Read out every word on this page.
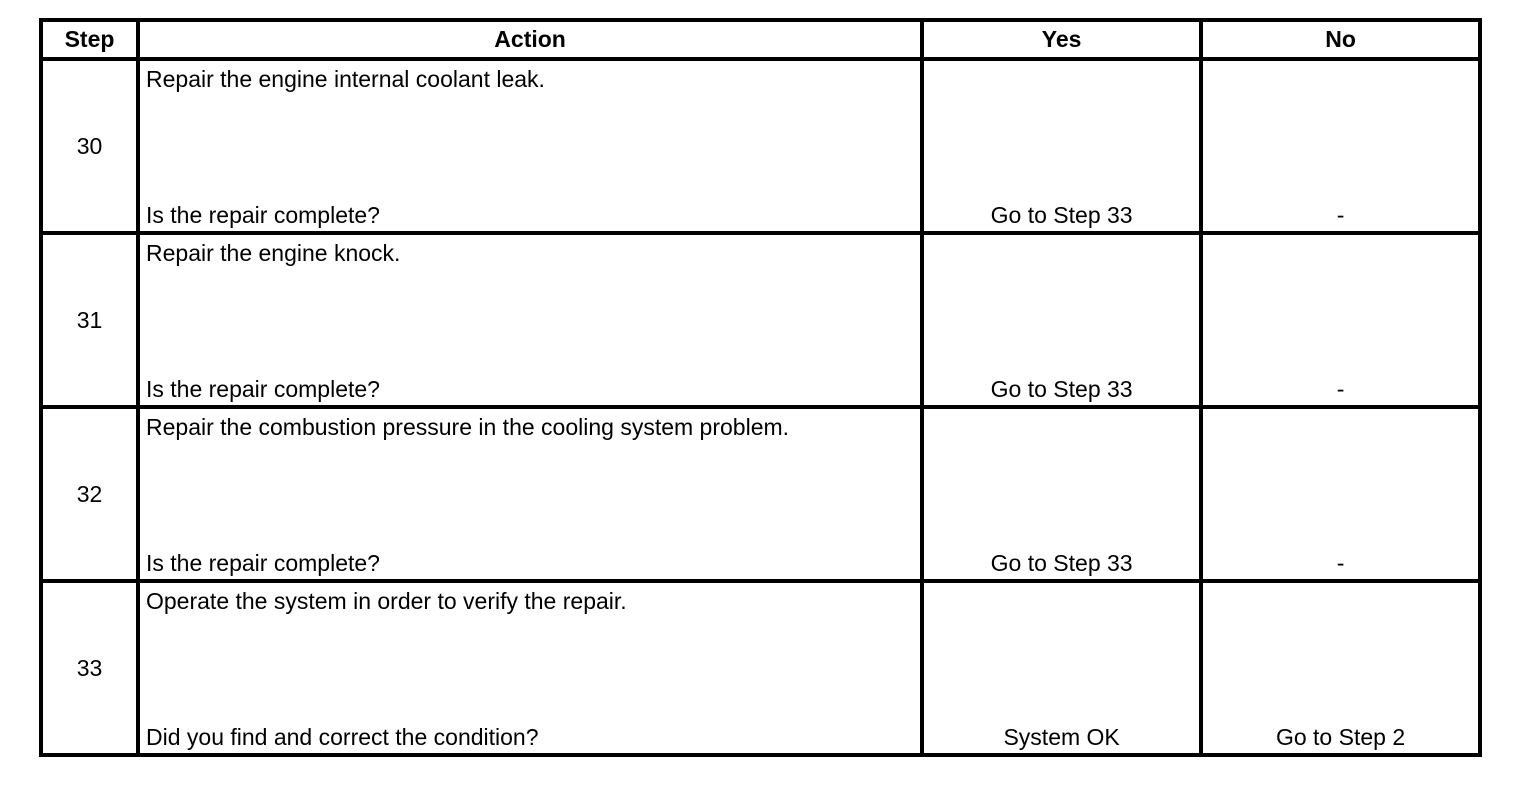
Step	Action	Yes	No
30	Repair the engine internal coolant leak.
Is the repair complete?	Go to Step 33	-

31	Repair the engine knock.
Is the repair complete?	Go to Step 33	-

32	Repair the combustion pressure in the cooling system problem.
Is the repair complete?	Go to Step 33	-

33	Operate the system in order to verify the repair.
Did you find and correct the condition?	System OK	Go to Step 2
